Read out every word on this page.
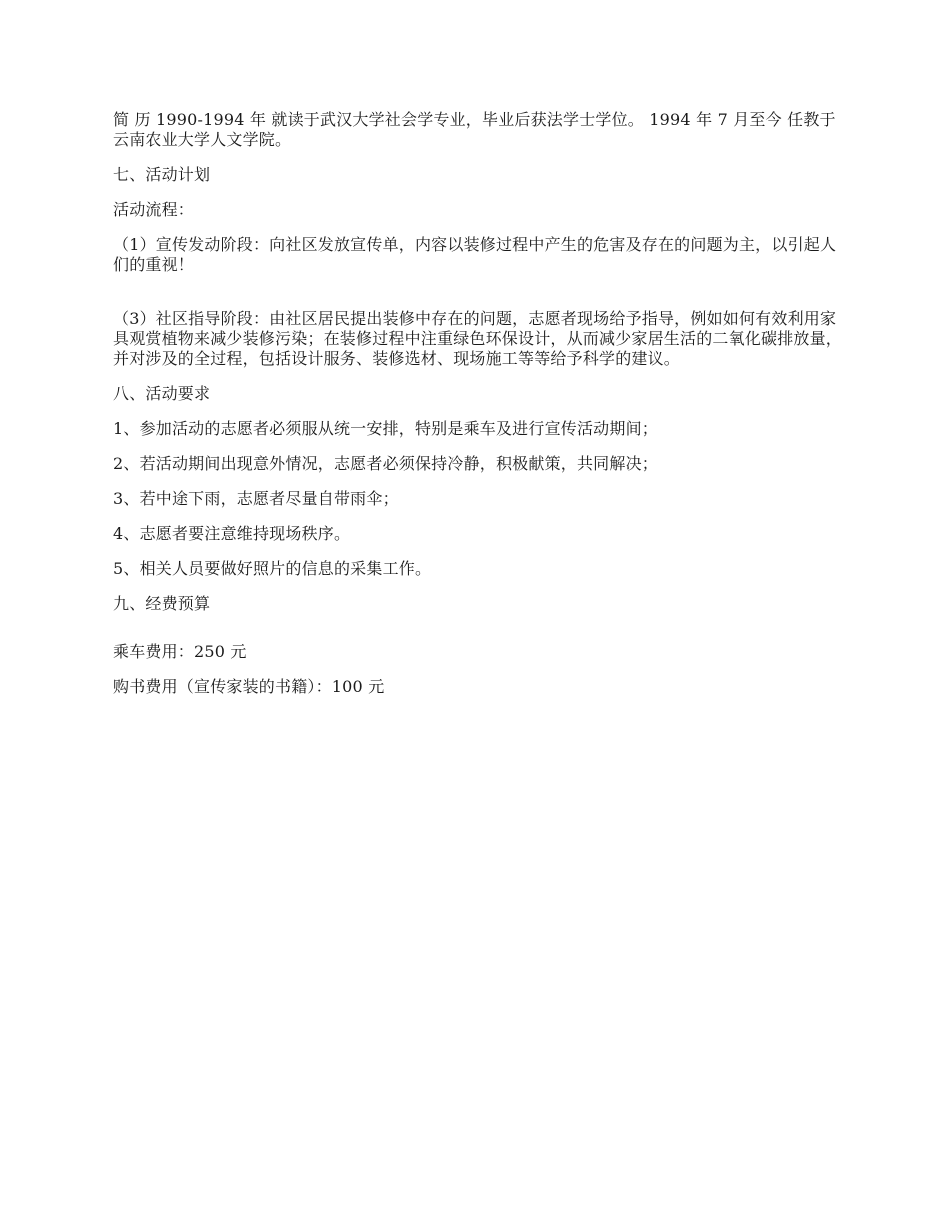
简 历 1990-1994 年 就读于武汉大学社会学专业，毕业后获法学士学位。 1994 年 7 月至今 任教于云南农业大学人文学院。

七、活动计划

活动流程：

（1）宣传发动阶段：向社区发放宣传单，内容以装修过程中产生的危害及存在的问题为主，以引起人们的重视！

（3）社区指导阶段：由社区居民提出装修中存在的问题，志愿者现场给予指导，例如如何有效利用家具观赏植物来减少装修污染；在装修过程中注重绿色环保设计，从而减少家居生活的二氧化碳排放量，并对涉及的全过程，包括设计服务、装修选材、现场施工等等给予科学的建议。

八、活动要求

1、参加活动的志愿者必须服从统一安排，特别是乘车及进行宣传活动期间；

2、若活动期间出现意外情况，志愿者必须保持冷静，积极献策，共同解决；

3、若中途下雨，志愿者尽量自带雨伞；

4、志愿者要注意维持现场秩序。

5、相关人员要做好照片的信息的采集工作。

九、经费预算

乘车费用：250 元

购书费用（宣传家装的书籍）：100 元
